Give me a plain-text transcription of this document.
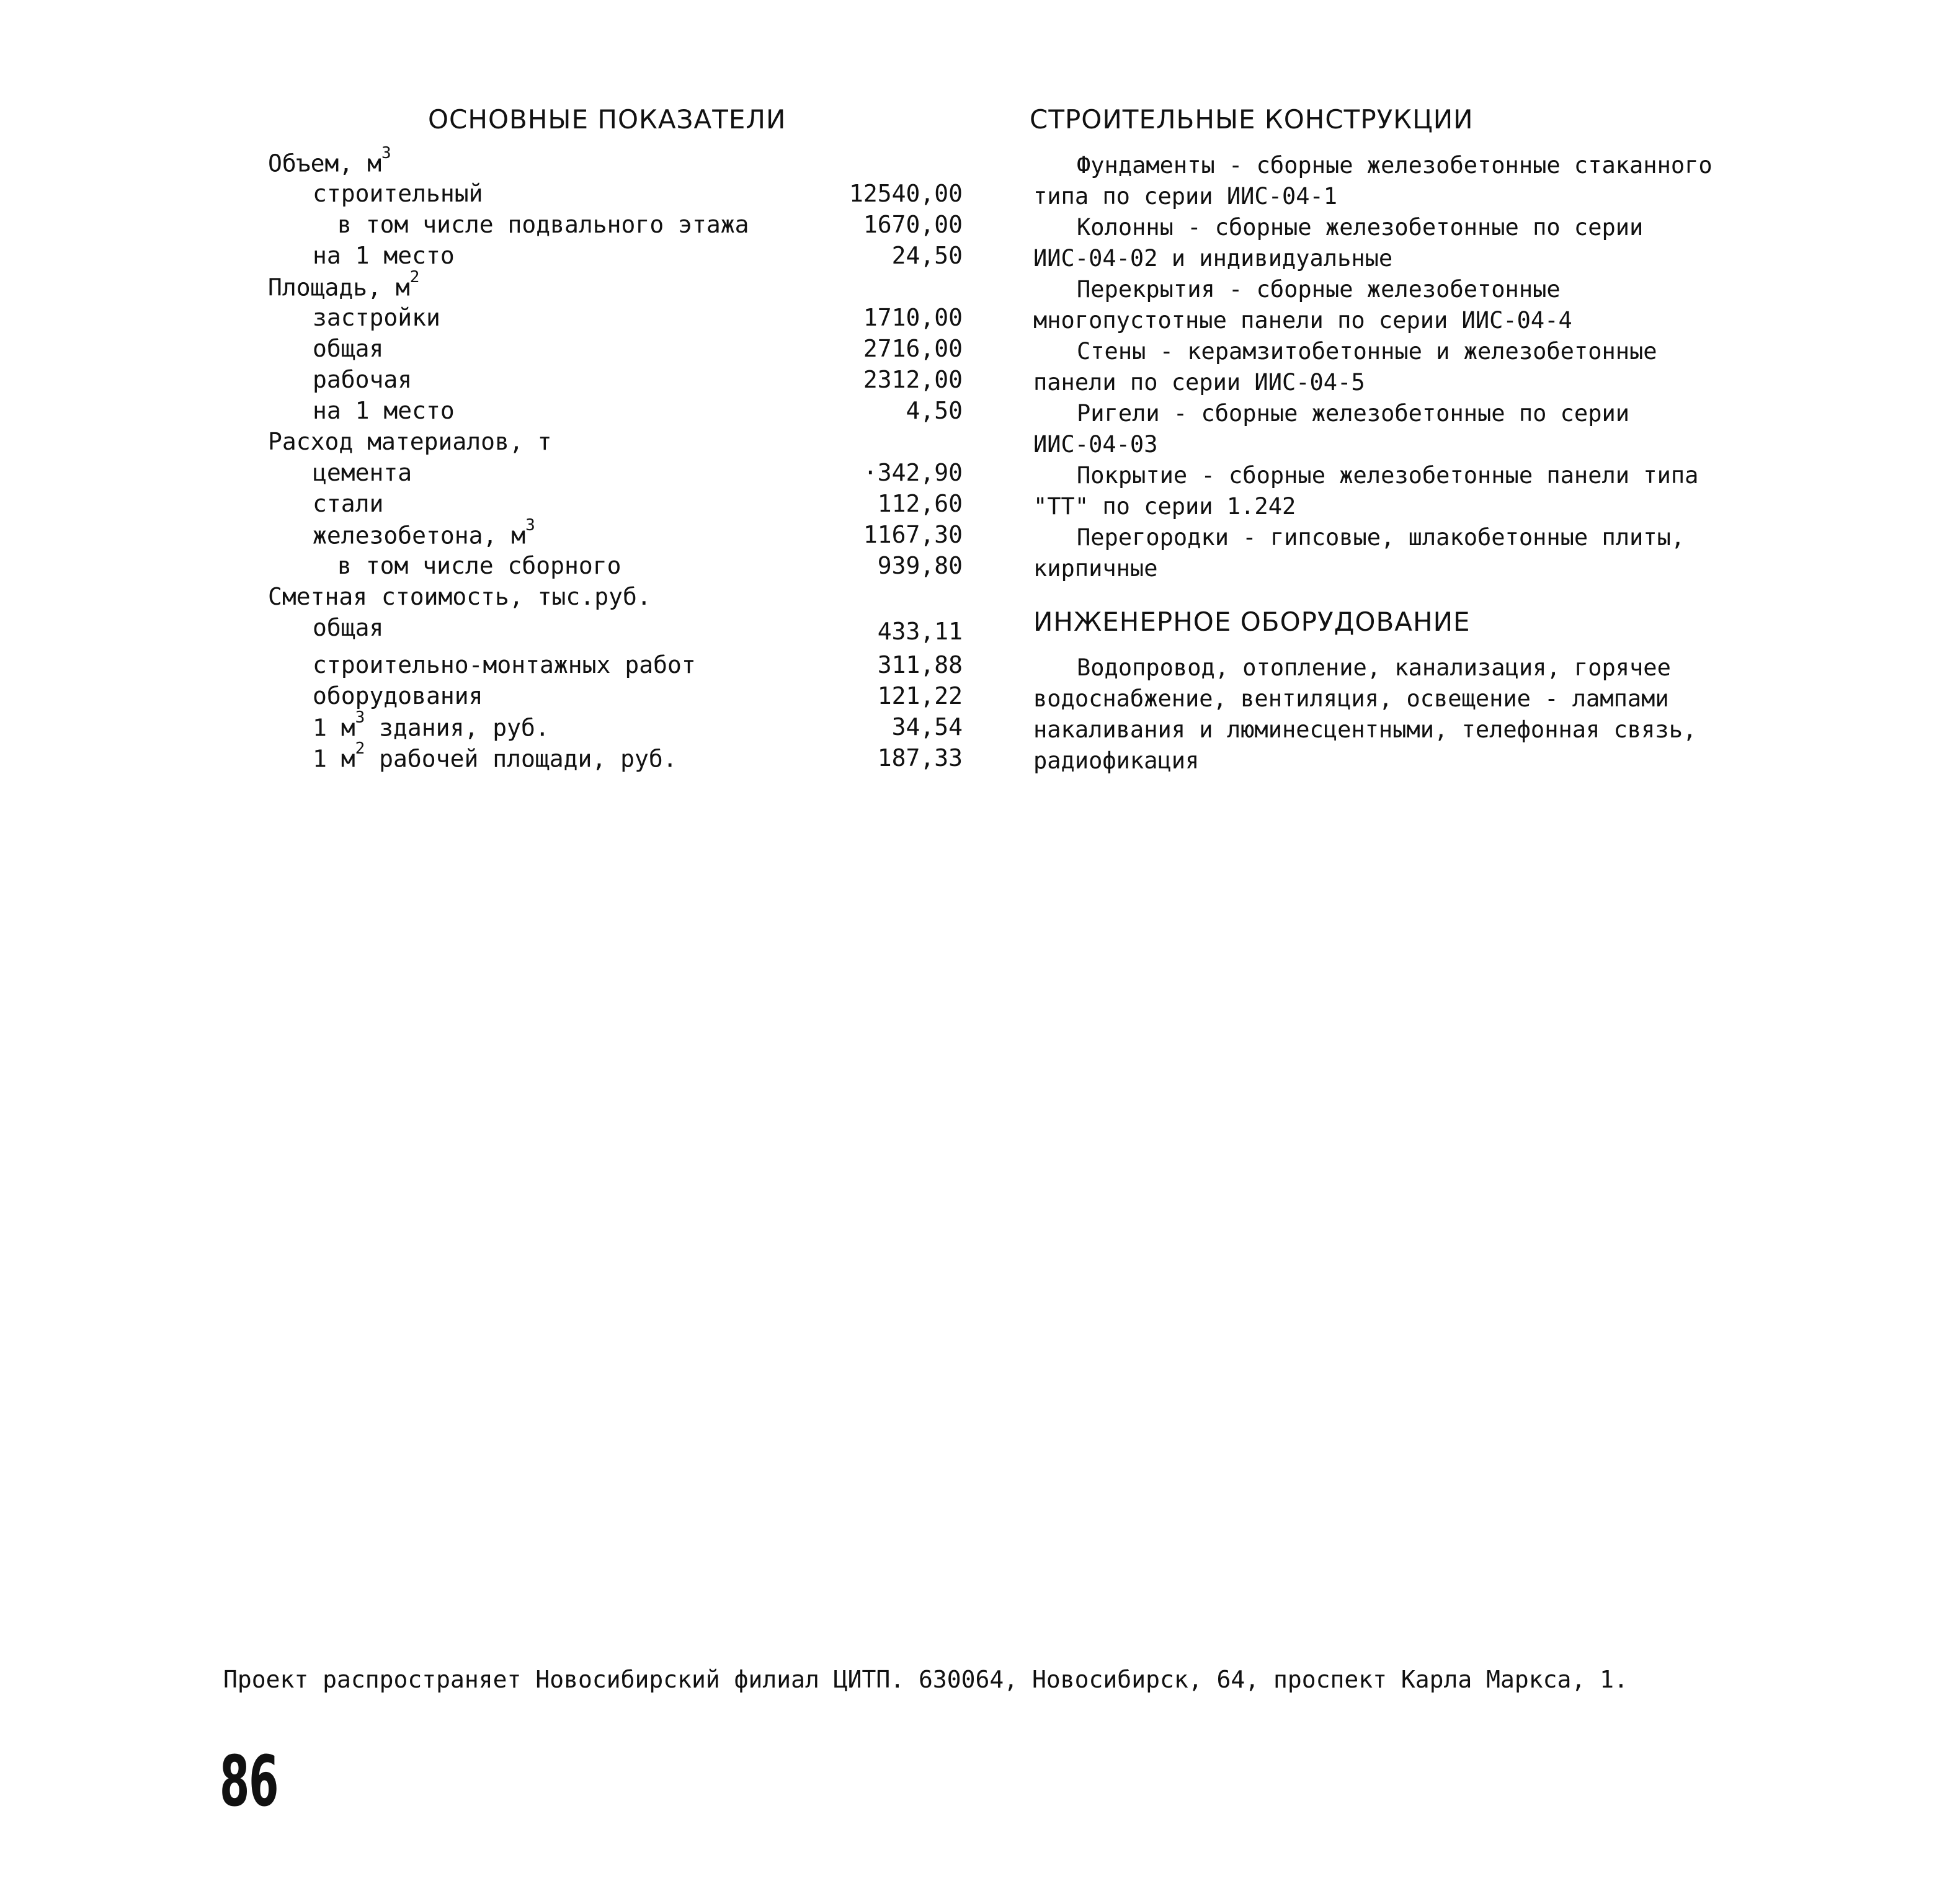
ОСНОВНЫЕ ПОКАЗАТЕЛИ	СТРОИТЕЛЬНЫЕ КОНСТРУКЦИИ
Объем, $м^3$
строительный	12540,00
в том числе подвального этажа	1670,00
на 1 место	24,50
Площадь, $м^2$
застройки	1710,00
общая	2716,00
рабочая	2312,00
на 1 место	4,50
Расход материалов, т
цемента	·342,90
стали	112,60
железобетона, $м^3$	1167,30
в том числе сборного	939,80
Сметная стоимость, тыс.руб.
общая	433,11
строительно-монтажных работ	311,88
оборудования	121,22
1 $м^3$ здания, руб.	34,54
1 $м^2$ рабочей площади, руб.	187,33

Фундаменты - сборные железобетонные стаканного типа по серии ИИС-04-1

Колонны - сборные железобетонные по серии ИИС-04-02 и индивидуальные

Перекрытия - сборные железобетонные многопустотные панели по серии ИИС-04-4

Стены - керамзитобетонные и железобетонные панели по серии ИИС-04-5

Ригели - сборные железобетонные по серии ИИС-04-03

Покрытие - сборные железобетонные панели типа "ТТ" по серии 1.242

Перегородки - гипсовые, шлакобетонные плиты, кирпичные

ИНЖЕНЕРНОЕ ОБОРУДОВАНИЕ

Водопровод, отопление, канализация, горячее водоснабжение, вентиляция, освещение - лампами накаливания и люминесцентными, телефонная связь, радиофикация

Проект распространяет Новосибирский филиал ЦИТП. 630064, Новосибирск, 64, проспект Карла Маркса, 1.
86
